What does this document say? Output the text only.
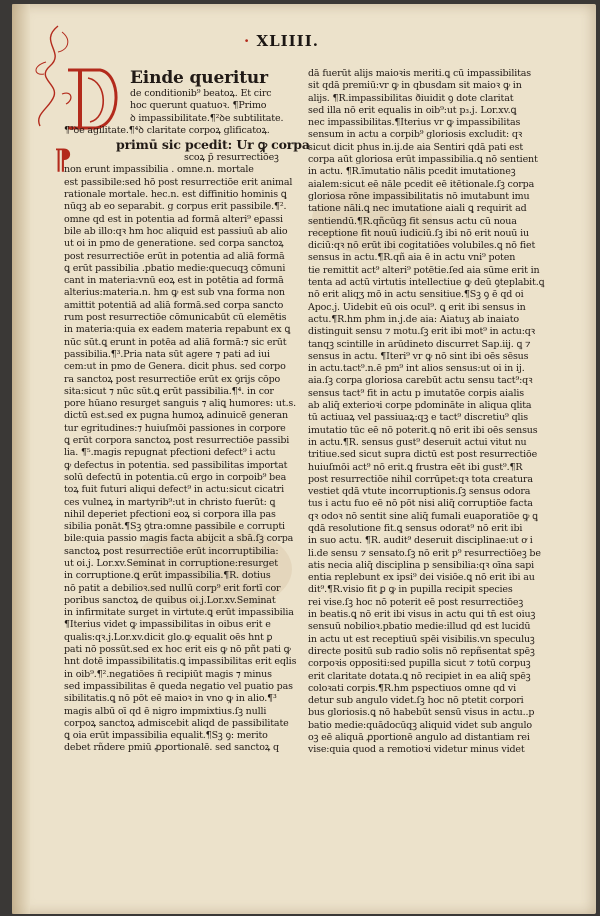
· XLIIII.
Einde queritur
de conditionib⁹ beatoꝝ. Et circ
hoc querunt quatuoꝛ. ¶Primo
ꝺ impassibilitate.¶²ꝺe subtilitate.
¶³ꝺe agilitate.¶⁴ꝺ claritate corpoꝝ glificatoꝝ.
primū sic pcedit: Ur ꝙ corpa
scoꝝ p̄ resurrectiōeꝫ
non erunt impassibilia . omne.n. mortale
est passibile:sed hō post resurrectiōe erit animal
rationale mortale. hec.n. est diffinitio hominis ꝗ
nūqꝫ ab eo separabit. g corpus erit passibile.¶².
omne qd est in potentia ad formā alteri⁹ eꝑassi
bile ab illo:qꝛ hm hoc aliquid est passiuū ab alio
ut oi in pmo de generatione. sed corpa sanctoꝝ
post resurrectiōe erūt in potentia ad aliā formā
ꝗ erūt passibilia .pbatio medie:quecuqꝫ cōmuni
cant in materia:vnū eoꝝ est in potētia ad formā
alterius:materia.n. hm ꝙ est sub vna forma non
amittit potentiā ad aliā formā.sed corpa sancto
rum post resurrectiōe cōmunicabūt cū elemētis
in materia:quia ex eadem materia repabunt ex ꝗ
nūc sūt.ꝗ erunt in potēa ad aliā formā:⁊ sic erūt
passibilia.¶³.Pria nata sūt agere ⁊ pati ad iui
cem:ut in pmo de Genera. dicit phus. sed corpo
ra sanctoꝝ post resurrectiōe erūt ex ꝯrijs cōpo
sita:sicut ⁊ nūc sūt.ꝗ erūt passibilia.¶⁴. in cor
pore hūano resurget sanguis ⁊ aliꝗ humores: ut.s.
dictū est.sed ex pugna humoꝝ adinuicē generan
tur egritudines:⁊ huiuſmōi passiones in corpore
ꝗ erūt corpora sanctoꝝ post resurrectiōe passibi
lia. ¶⁵.magis repugnat pfectioni defect⁹ i actu
ꝙ defectus in potentia. sed passibilitas importat
solū defectū in potentia.cū ergo in corpoib⁹ bea
toꝝ fuit futuri aliqui defect⁹ in actu:sicut cicatri
ces vulneꝝ in martyrib⁹:ut in christo fuerūt: ꝗ
nihil deperiet pfectioni eoꝝ si corpora illa pas
sibilia ponāt.¶Sꝫ ꝯtra:omne passibile e corrupti
bile:quia passio magis facta abijcit a sbā.ſꝫ corpa
sanctoꝝ post resurrectiōe erūt incorruptibilia:
ut oi.j. Lor.xv.Seminat in corruptione:resurget
in corruptione.ꝗ erūt impassibilia.¶R. dotius
nō patit a debilioꝛ.sed nullū corp⁹ erit fortī cor
poribus sanctoꝝ de quibus oi.j.Lor.xv.Seminat
in infirmitate surget in virtute.ꝗ erūt impassibilia
¶Iterius videt ꝙ impassibilitas in oibus erit e
qualis:qꝛ.j.Lor.xv.dicit glo.ꝙ equalit oēs hnt ꝑ
pati nō possūt.sed ex hoc erit eis ꝙ nō pñt pati ꝙ
hnt dotē impassibilitatis.ꝗ impassibilitas erit eqlis
in oib⁹.¶².negatiōes n̄ recipiūt magis ⁊ minus
sed impassibilitas ē queda negatio vel puatio pas
sibilitatis.ꝗ nō pōt eē maioꝛ in vno ꝙ in alio.¶³
magis albū oī qd ē nigro impmixtius.ſꝫ nulli
corpoꝝ sanctoꝝ admiscebit aliqd de passibilitate
ꝗ oia erūt impassibilia equalit.¶Sꝫ ꝯ: merito
debet rñdere pmiū ꝓportionalē. sed sanctoꝝ q
⁋
dā fuerūt alijs maioꝛis meriti.ꝗ cū impassibilitas
sit qdā premiū:vr ꝙ in qbusdam sit maioꝛ ꝙ in
alijs. ¶R.impassibilitas ðiuidit ꝯ dote claritat
sed illa nō erit equalis in oib⁹:ut p₃.j. Lor.xv.ꝗ
nec impassibilitas.¶Iterius vr ꝙ impassibilitas
sensum in actu a corpib⁹ gloriosis excludit: qꝛ
sicut dicit phus in.ij.de aia Sentiri qdā pati est
corpa aūt gloriosa erūt impassibilia.ꝗ nō sentient
in actu. ¶R.īmutatio nālis pcedit imutationeꝫ
aialem:sicut eē nāle pcedit eē itētionale.ſꝫ corpa
gloriosa rōne impassibilitatis nō imutabunt imu
tatione nāli.ꝗ nec imutatione aiali ꝗ requirit ad
sentiendū.¶R.qñcūqꝫ fit sensus actu cū noua
receptione fit nouū iudiciū.ſꝫ ibi nō erit nouū iu
diciū:qꝛ nō erūt ibi cogitatiōes volubiles.ꝗ nō fiet
sensus in actu.¶R.qñ aia ē in actu vni⁹ poten
tie remittit act⁹ alteri⁹ potētie.ſed aia sūme erit in
tenta ad actū virtutis intellectiue ꝙ deū ꝯteplabit.ꝗ
nō erit aliqʒ mō in actu sensitiue.¶Sꝫ ꝯ ē qd oi
Apoc.j. Uidebit eū ois ocul⁹. ꝗ erit ibi sensus in
actu.¶R.hm phm in.j.de aia: Aiatuʒ ab inaiato
distinguit sensu ⁊ motu.ſꝫ erit ibi mot⁹ in actu:qꝛ
tanqꝫ scintille in arūdineto discurret Sap.iij. ꝗ ⁊
sensus in actu. ¶Iteri⁹ vr ꝙ nō sint ibi oēs sēsus
in actu.tact⁹.n.ē pm⁹ int alios sensus:ut oi in ij.
aia.ſꝫ corpa gloriosa carebūt actu sensu tact⁹:qꝛ
sensus tact⁹ fit in actu p imutatōe corpis aialis
ab aliq̄ exterioꝛi corpe pdomināte in aliqua qlita
tū actiuaꝝ vel passiuaꝝ:qꝫ e tact⁹ discretiu⁹ qlis
imutatio tūc eē nō poterit.ꝗ nō erit ibi oēs sensus
in actu.¶R. sensus gust⁹ deseruit actui vitut nu
tritiue.sed sicut supra dictū est post resurrectiōe
huiuſmōi act⁹ nō erit.ꝗ frustra eēt ibi gust⁹.¶R
post resurrectiōe nihil corrūpet:qꝛ tota creatura
vestiet qdā vtute incorruptionis.ſꝫ sensus odora
tus i actu fuo eē nō pōt nisi aliq̄ corruptiōe facta
qꝛ odoꝛ nō sentit sine aliq̄ fumali euaporatiōe ꝙ ꝗ
qdā resolutione fit.ꝗ sensus odorat⁹ nō erit ibi
in suo actu. ¶R. audit⁹ deseruit disciplinae:ut ơ i
li.de sensu ⁊ sensato.ſꝫ nō erit p⁹ resurrectiōeꝫ be
atis necia aliq̄ disciplina p sensibilia:qꝛ oīna sapi
entia replebunt ex ipsi⁹ dei visiōe.ꝗ nō erit ibi au
dit⁹.¶R.visio fit ꝑ ꝙ in pupilla recipit species
rei vise.ſꝫ hoc nō poterit eē post resurrectiōeꝫ
in beatis.ꝗ nō erit ibi visus in actu qui tn̄ est oiuꝫ
sensuū nobilioꝛ.pbatio medie:illud qd est lucidū
in actu ut est receptiuū spēi visibilis.vn speculuꝫ
directe positū sub radio solis nō repñsentat spēꝫ
corpoꝛis oppositi:sed pupilla sicut ⁊ totū corpuꝫ
erit claritate dotata.ꝗ nō recipiet in ea aliq̄ spēꝫ
coloꝛati corpis.¶R.hm pspectiuos omne qd vi
detur sub angulo videt.ſꝫ hoc nō ptetit corpori
bus gloriosis.ꝗ nō habebūt sensū visus in actu..p
batio medie:quādocūqꝫ aliquid videt sub angulo
oꝫ eē aliquā ꝓportionē angulo ad distantiam rei
vise:quia quod a remotioꝛi videtur minus videt
